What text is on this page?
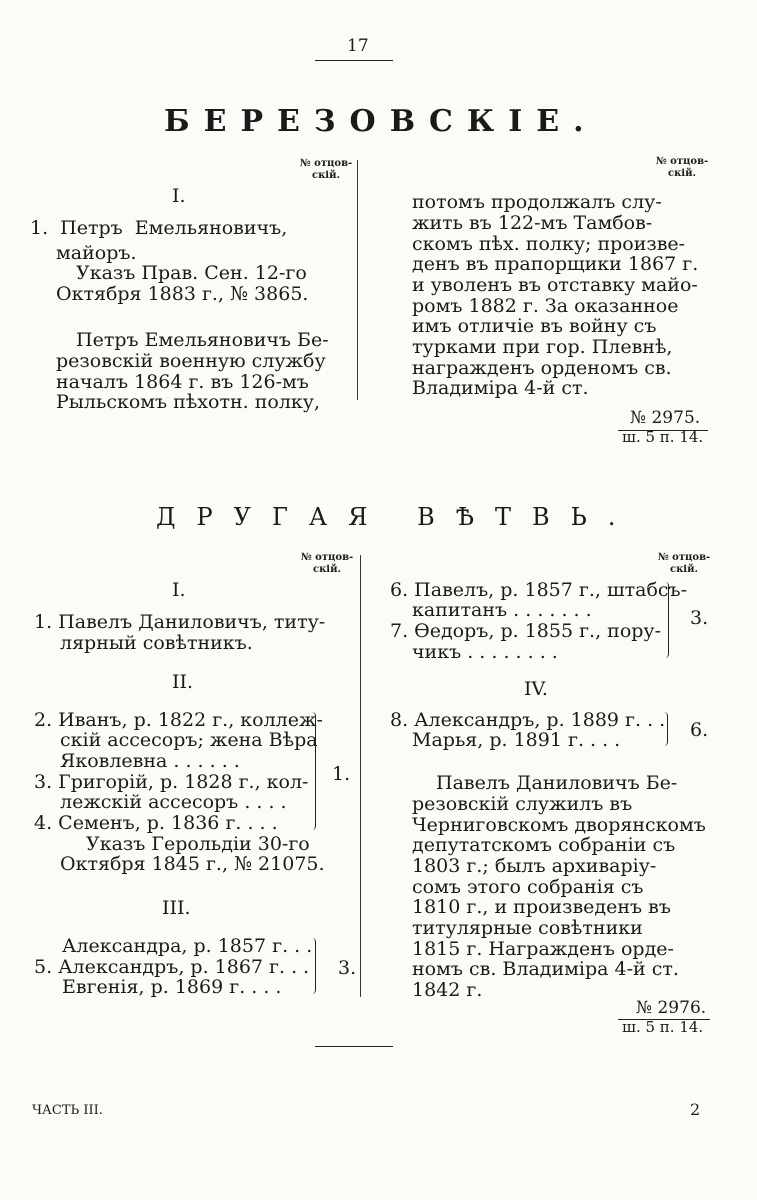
17
БЕРЕЗОВСКIЕ.
№ отцов-
скій.
№ отцов-
скій.
I.
1. Петръ Емельяновичъ,
майоръ.
Указъ Прав. Сен. 12-го
Октября 1883 г., № 3865.
Петръ Емельяновичъ Бе-
резовскій военную службу
началъ 1864 г. въ 126-мъ
Рыльскомъ пѣхотн. полку,
потомъ продолжалъ слу-
жить въ 122-мъ Тамбов-
скомъ пѣх. полку; произве-
денъ въ прапорщики 1867 г.
и уволенъ въ отставку майо-
ромъ 1882 г. За оказанное
имъ отличіе въ войну съ
турками при гор. Плевнѣ,
награжденъ орденомъ св.
Владиміра 4-й ст.
№ 2975.
ш. 5 п. 14.
ДРУГАЯ ВѢТВЬ.
№ отцов-
скій.
№ отцов-
скій.
I.
1. Павелъ Даниловичъ, титу-
лярный совѣтникъ.
II.
2. Иванъ, р. 1822 г., коллеж-
скій ассесоръ; жена Вѣра
Яковлевна . . . . . .
3. Григорій, р. 1828 г., кол-
лежскій ассесоръ . . . .
4. Семенъ, р. 1836 г. . . .
1.
Указъ Герольдіи 30-го
Октября 1845 г., № 21075.
III.
Александра, р. 1857 г. . .
5. Александръ, р. 1867 г. . .
Евгенія, р. 1869 г. . . .
3.
6. Павелъ, р. 1857 г., штабсъ-
капитанъ . . . . . . .
7. Ѳедоръ, р. 1855 г., пору-
чикъ . . . . . . . .
3.
IV.
8. Александръ, р. 1889 г. . .
Марья, р. 1891 г. . . .	6.
Павелъ Даниловичъ Бе-
резовскій служилъ въ
Черниговскомъ дворянскомъ
депутатскомъ собраніи съ
1803 г.; былъ архиваріу-
сомъ этого собранія съ
1810 г., и произведенъ въ
титулярные совѣтники
1815 г. Награжденъ орде-
номъ св. Владиміра 4-й ст.
1842 г.
№ 2976.
ш. 5 п. 14.
ЧАСТЬ III.	2
